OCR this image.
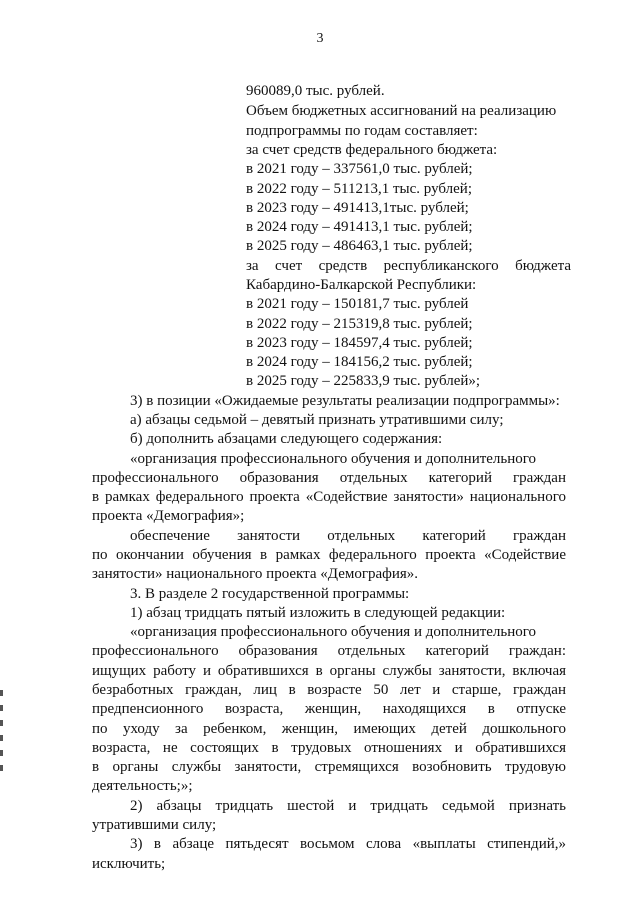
3
960089,0 тыс. рублей.
Объем бюджетных ассигнований на реализацию
подпрограммы по годам составляет:
за счет средств федерального бюджета:
в 2021 году – 337561,0 тыс. рублей;
в 2022 году – 511213,1 тыс. рублей;
в 2023 году – 491413,1тыс. рублей;
в 2024 году – 491413,1 тыс. рублей;
в 2025 году – 486463,1 тыс. рублей;
за счет средств республиканского бюджета
Кабардино-Балкарской Республики:
в 2021 году – 150181,7 тыс. рублей
в 2022 году – 215319,8 тыс. рублей;
в 2023 году – 184597,4 тыс. рублей;
в 2024 году – 184156,2 тыс. рублей;
в 2025 году – 225833,9 тыс. рублей»;
3) в позиции «Ожидаемые результаты реализации подпрограммы»:
а) абзацы седьмой – девятый признать утратившими силу;
б) дополнить абзацами следующего содержания:
«организация профессионального обучения и дополнительного
профессионального образования отдельных категорий граждан
в рамках федерального проекта «Содействие занятости» национального
проекта «Демография»;
обеспечение занятости отдельных категорий граждан
по окончании обучения в рамках федерального проекта «Содействие
занятости» национального проекта «Демография».
3. В разделе 2 государственной программы:
1) абзац тридцать пятый изложить в следующей редакции:
«организация профессионального обучения и дополнительного
профессионального образования отдельных категорий граждан:
ищущих работу и обратившихся в органы службы занятости, включая
безработных граждан, лиц в возрасте 50 лет и старше, граждан
предпенсионного возраста, женщин, находящихся в отпуске
по уходу за ребенком, женщин, имеющих детей дошкольного
возраста, не состоящих в трудовых отношениях и обратившихся
в органы службы занятости, стремящихся возобновить трудовую
деятельность;»;
2) абзацы тридцать шестой и тридцать седьмой признать
утратившими силу;
3) в абзаце пятьдесят восьмом слова «выплаты стипендий,»
исключить;
